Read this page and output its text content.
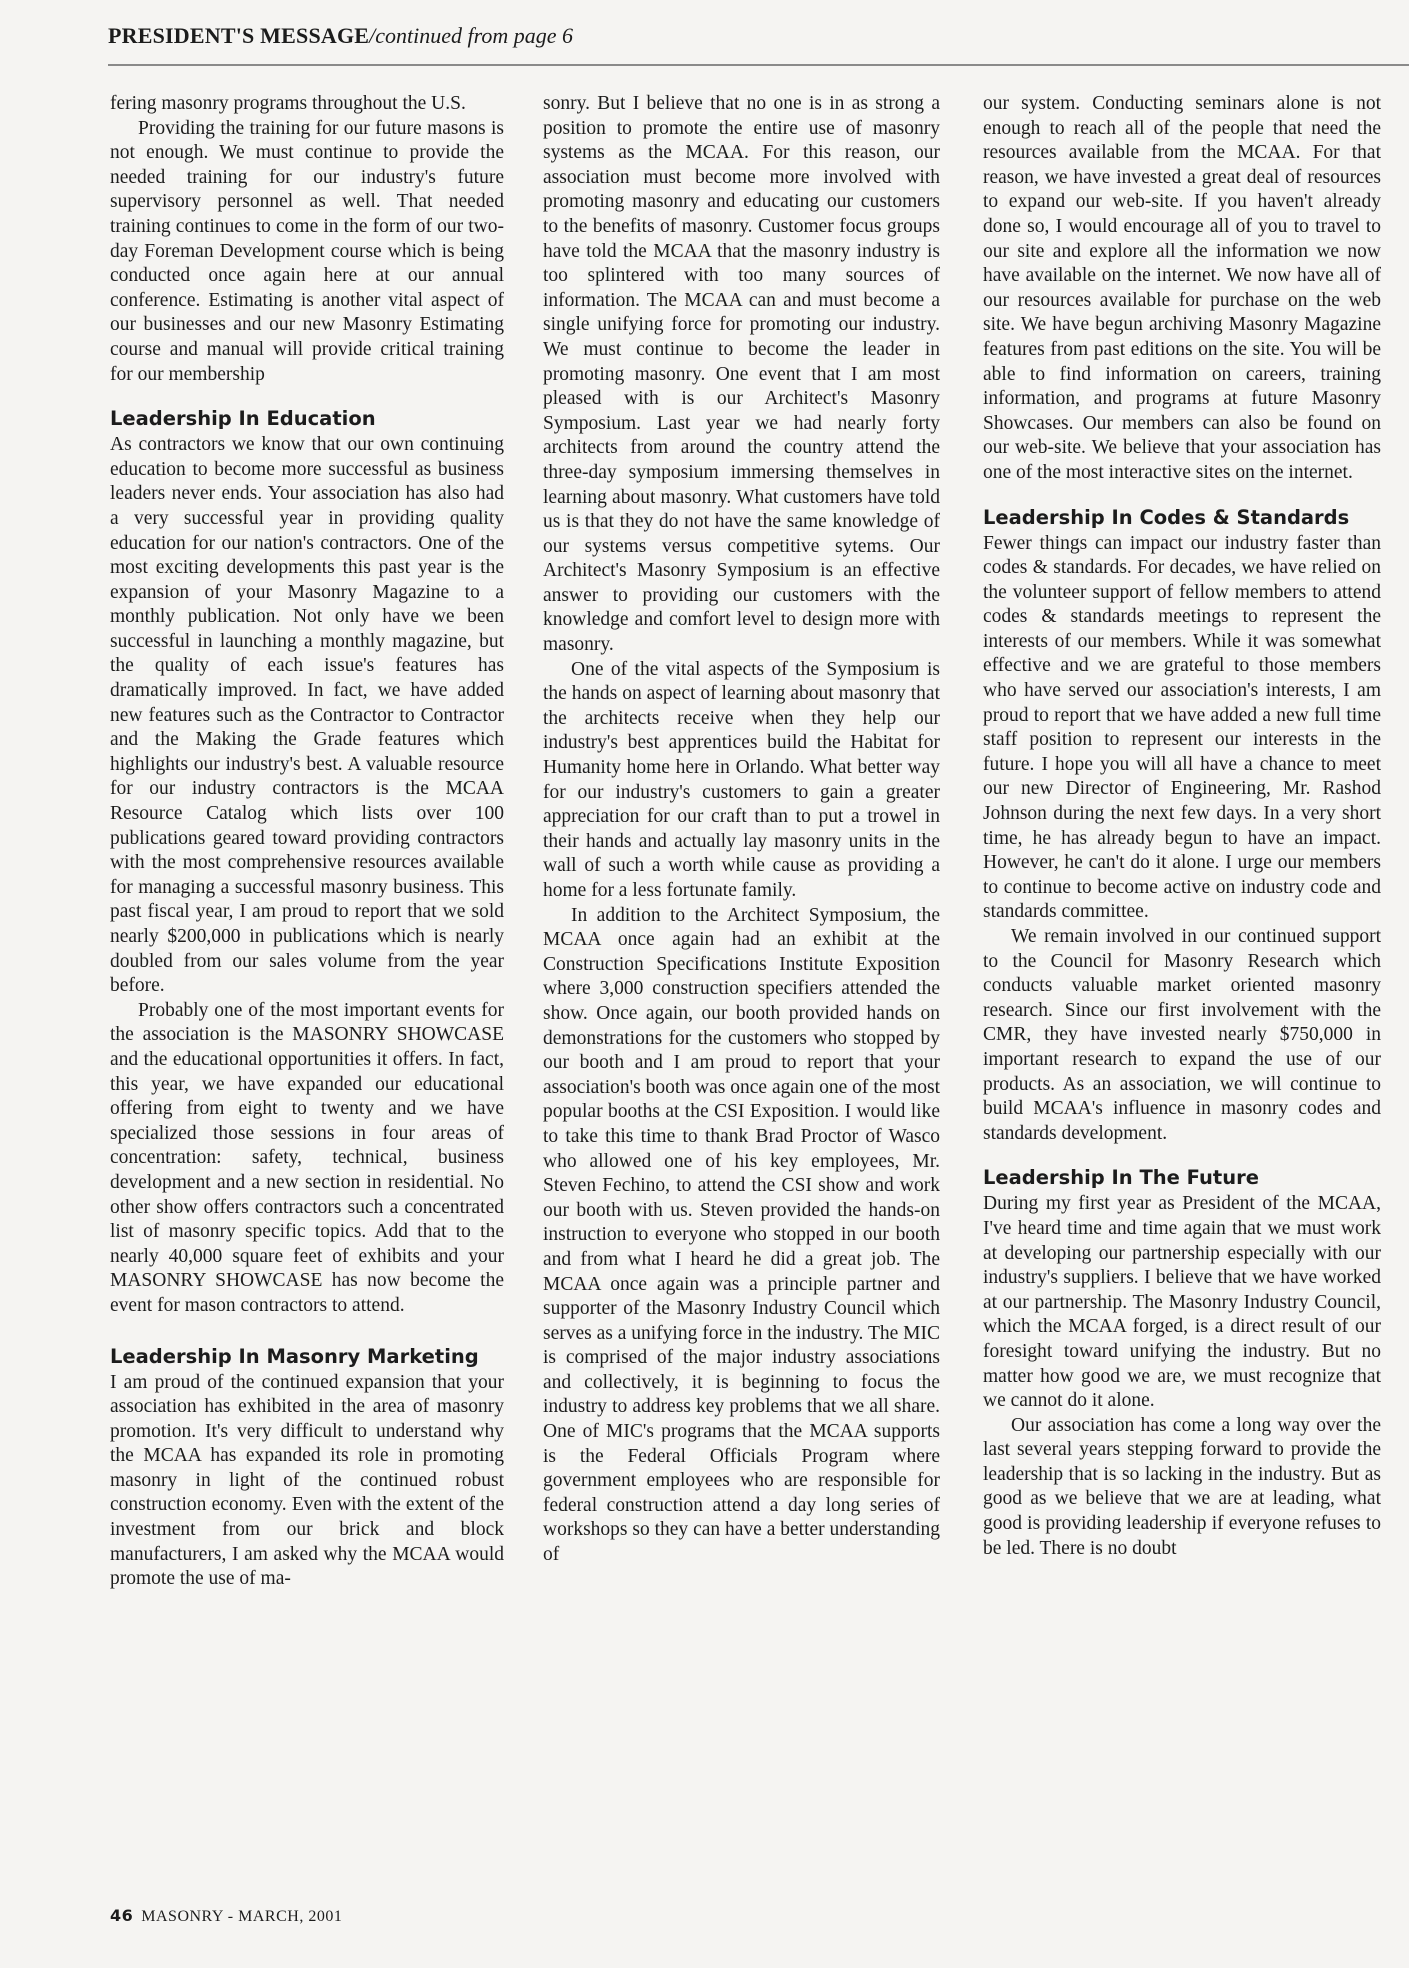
PRESIDENT'S MESSAGE/continued from page 6

fering masonry programs throughout the U.S.

Providing the training for our future masons is not enough. We must continue to provide the needed training for our industry's future supervisory personnel as well. That needed training continues to come in the form of our two-day Foreman Development course which is being conducted once again here at our annual conference. Estimating is another vital aspect of our businesses and our new Masonry Estimating course and manual will provide critical training for our membership

Leadership In Education

As contractors we know that our own continuing education to become more successful as business leaders never ends. Your association has also had a very successful year in providing quality education for our nation's contractors. One of the most exciting developments this past year is the expansion of your Masonry Magazine to a monthly publication. Not only have we been successful in launching a monthly magazine, but the quality of each issue's features has dramatically improved. In fact, we have added new features such as the Contractor to Contractor and the Making the Grade features which highlights our industry's best. A valuable resource for our industry contractors is the MCAA Resource Catalog which lists over 100 publications geared toward providing contractors with the most comprehensive resources available for managing a successful masonry business. This past fiscal year, I am proud to report that we sold nearly $200,000 in publications which is nearly doubled from our sales volume from the year before.

Probably one of the most important events for the association is the MASONRY SHOWCASE and the educational opportunities it offers. In fact, this year, we have expanded our educational offering from eight to twenty and we have specialized those sessions in four areas of concentration: safety, technical, business development and a new section in residential. No other show offers contractors such a concentrated list of masonry specific topics. Add that to the nearly 40,000 square feet of exhibits and your MASONRY SHOWCASE has now become the event for mason contractors to attend.

Leadership In Masonry Marketing

I am proud of the continued expansion that your association has exhibited in the area of masonry promotion. It's very difficult to understand why the MCAA has expanded its role in promoting masonry in light of the continued robust construction economy. Even with the extent of the investment from our brick and block manufacturers, I am asked why the MCAA would promote the use of ma-

sonry. But I believe that no one is in as strong a position to promote the entire use of masonry systems as the MCAA. For this reason, our association must become more involved with promoting masonry and educating our customers to the benefits of masonry. Customer focus groups have told the MCAA that the masonry industry is too splintered with too many sources of information. The MCAA can and must become a single unifying force for promoting our industry. We must continue to become the leader in promoting masonry. One event that I am most pleased with is our Architect's Masonry Symposium. Last year we had nearly forty architects from around the country attend the three-day symposium immersing themselves in learning about masonry. What customers have told us is that they do not have the same knowledge of our systems versus competitive sytems. Our Architect's Masonry Symposium is an effective answer to providing our customers with the knowledge and comfort level to design more with masonry.

One of the vital aspects of the Symposium is the hands on aspect of learning about masonry that the architects receive when they help our industry's best apprentices build the Habitat for Humanity home here in Orlando. What better way for our industry's customers to gain a greater appreciation for our craft than to put a trowel in their hands and actually lay masonry units in the wall of such a worth while cause as providing a home for a less fortunate family.

In addition to the Architect Symposium, the MCAA once again had an exhibit at the Construction Specifications Institute Exposition where 3,000 construction specifiers attended the show. Once again, our booth provided hands on demonstrations for the customers who stopped by our booth and I am proud to report that your association's booth was once again one of the most popular booths at the CSI Exposition. I would like to take this time to thank Brad Proctor of Wasco who allowed one of his key employees, Mr. Steven Fechino, to attend the CSI show and work our booth with us. Steven provided the hands-on instruction to everyone who stopped in our booth and from what I heard he did a great job. The MCAA once again was a principle partner and supporter of the Masonry Industry Council which serves as a unifying force in the industry. The MIC is comprised of the major industry associations and collectively, it is beginning to focus the industry to address key problems that we all share. One of MIC's programs that the MCAA supports is the Federal Officials Program where government employees who are responsible for federal construction attend a day long series of workshops so they can have a better understanding of

our system. Conducting seminars alone is not enough to reach all of the people that need the resources available from the MCAA. For that reason, we have invested a great deal of resources to expand our web-site. If you haven't already done so, I would encourage all of you to travel to our site and explore all the information we now have available on the internet. We now have all of our resources available for purchase on the web site. We have begun archiving Masonry Magazine features from past editions on the site. You will be able to find information on careers, training information, and programs at future Masonry Showcases. Our members can also be found on our web-site. We believe that your association has one of the most interactive sites on the internet.

Leadership In Codes & Standards

Fewer things can impact our industry faster than codes & standards. For decades, we have relied on the volunteer support of fellow members to attend codes & standards meetings to represent the interests of our members. While it was somewhat effective and we are grateful to those members who have served our association's interests, I am proud to report that we have added a new full time staff position to represent our interests in the future. I hope you will all have a chance to meet our new Director of Engineering, Mr. Rashod Johnson during the next few days. In a very short time, he has already begun to have an impact. However, he can't do it alone. I urge our members to continue to become active on industry code and standards committee.

We remain involved in our continued support to the Council for Masonry Research which conducts valuable market oriented masonry research. Since our first involvement with the CMR, they have invested nearly $750,000 in important research to expand the use of our products. As an association, we will continue to build MCAA's influence in masonry codes and standards development.

Leadership In The Future

During my first year as President of the MCAA, I've heard time and time again that we must work at developing our partnership especially with our industry's suppliers. I believe that we have worked at our partnership. The Masonry Industry Council, which the MCAA forged, is a direct result of our foresight toward unifying the industry. But no matter how good we are, we must recognize that we cannot do it alone.

Our association has come a long way over the last several years stepping forward to provide the leadership that is so lacking in the industry. But as good as we believe that we are at leading, what good is providing leadership if everyone refuses to be led. There is no doubt

46 MASONRY - MARCH, 2001
